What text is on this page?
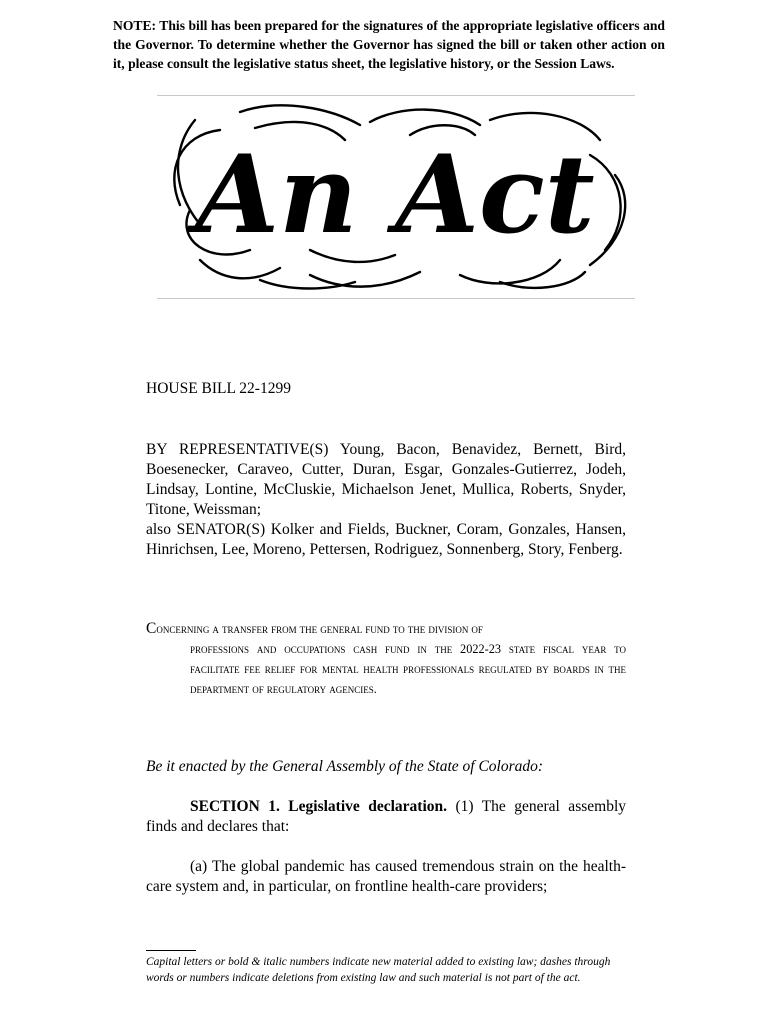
NOTE: This bill has been prepared for the signatures of the appropriate legislative officers and the Governor. To determine whether the Governor has signed the bill or taken other action on it, please consult the legislative status sheet, the legislative history, or the Session Laws.
An Act
HOUSE BILL 22-1299

BY REPRESENTATIVE(S) Young, Bacon, Benavidez, Bernett, Bird, Boesenecker, Caraveo, Cutter, Duran, Esgar, Gonzales-Gutierrez, Jodeh, Lindsay, Lontine, McCluskie, Michaelson Jenet, Mullica, Roberts, Snyder, Titone, Weissman;

also SENATOR(S) Kolker and Fields, Buckner, Coram, Gonzales, Hansen, Hinrichsen, Lee, Moreno, Pettersen, Rodriguez, Sonnenberg, Story, Fenberg.

Concerning a transfer from the general fund to the division of
professions and occupations cash fund in the 2022-23 state fiscal year to facilitate fee relief for mental health professionals regulated by boards in the department of regulatory agencies.
Be it enacted by the General Assembly of the State of Colorado:
SECTION 1. Legislative declaration. (1) The general assembly finds and declares that:
(a) The global pandemic has caused tremendous strain on the health-care system and, in particular, on frontline health-care providers;
Capital letters or bold & italic numbers indicate new material added to existing law; dashes through words or numbers indicate deletions from existing law and such material is not part of the act.
